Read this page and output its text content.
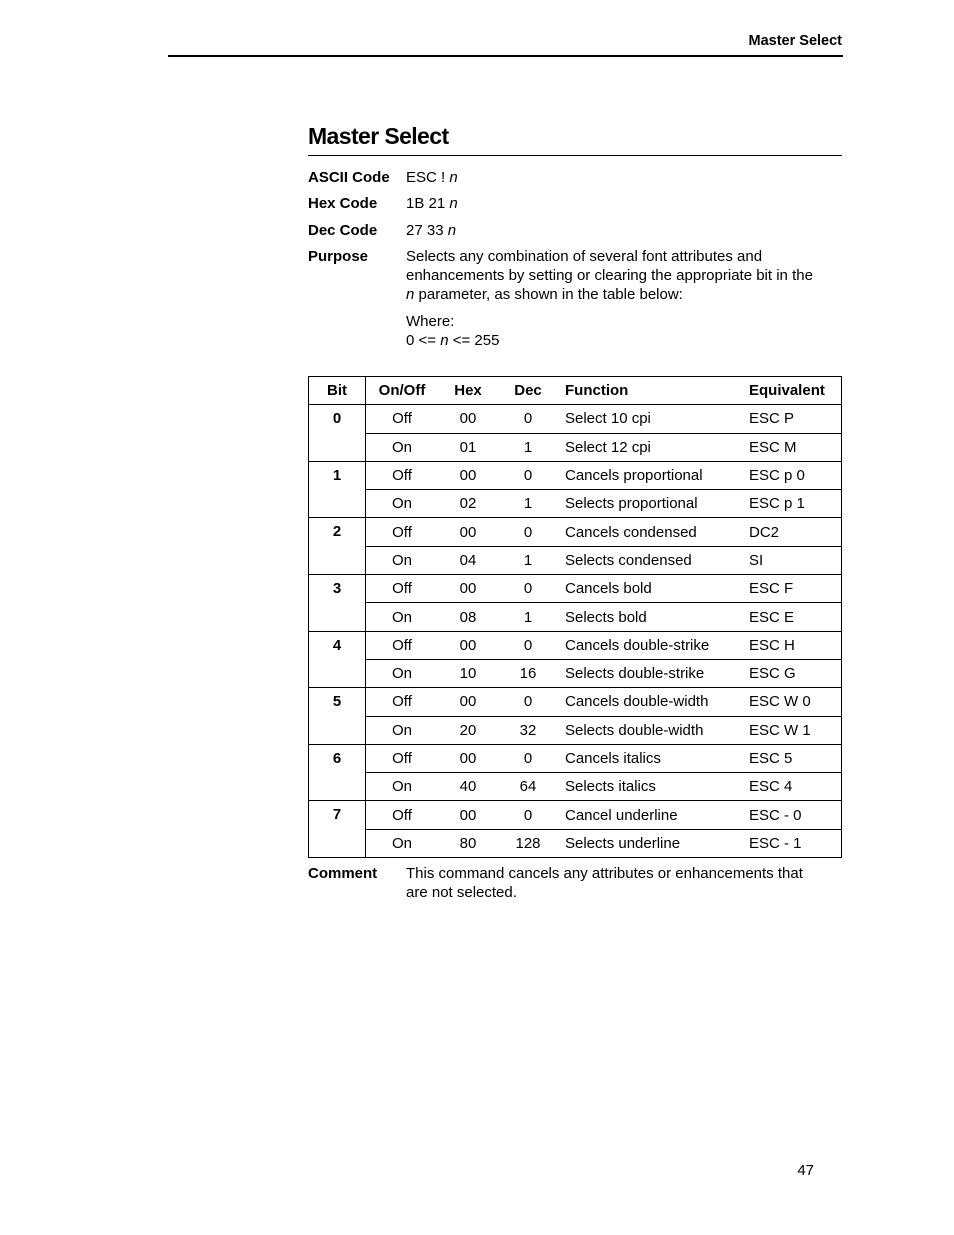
Master Select
Master Select
ASCII Code ESC ! n
Hex Code 1B 21 n
Dec Code 27 33 n
Purpose	Selects any combination of several font attributes and
enhancements by setting or clearing the appropriate bit in the
n parameter, as shown in the table below:
Where:
0 <= n <= 255
Bit	On/Off	Hex	Dec	Function	Equivalent
0	Off	00	0	Select 10 cpi	ESC P
	On	01	1	Select 12 cpi	ESC M
1	Off	00	0	Cancels proportional	ESC p 0
	On	02	1	Selects proportional	ESC p 1
2	Off	00	0	Cancels condensed	DC2
	On	04	1	Selects condensed	SI
3	Off	00	0	Cancels bold	ESC F
	On	08	1	Selects bold	ESC E
4	Off	00	0	Cancels double-strike	ESC H
	On	10	16	Selects double-strike	ESC G
5	Off	00	0	Cancels double-width	ESC W 0
	On	20	32	Selects double-width	ESC W 1
6	Off	00	0	Cancels italics	ESC 5
	On	40	64	Selects italics	ESC 4
7	Off	00	0	Cancel underline	ESC - 0
	On	80	128	Selects underline	ESC - 1
Comment This command cancels any attributes or enhancements that
are not selected.
47
